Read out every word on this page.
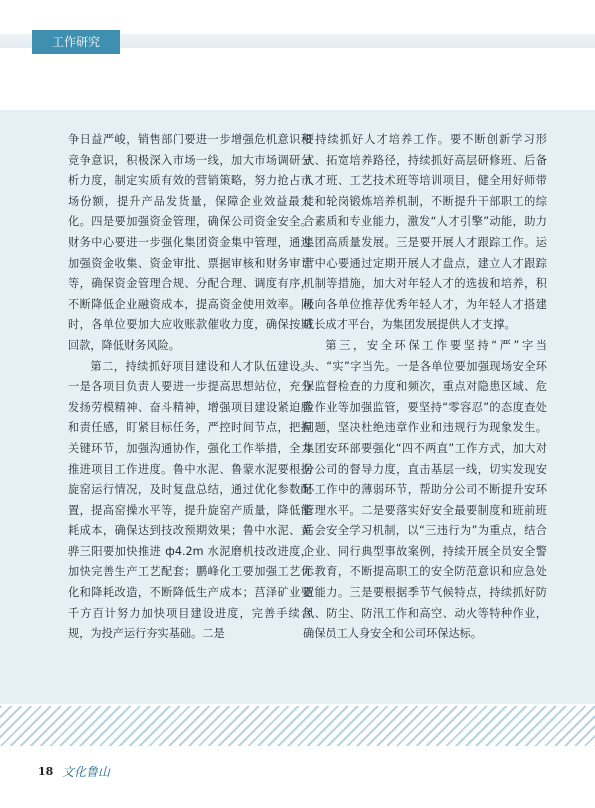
工作研究

争日益严峻，销售部门要进一步增强危机意识和竞争意识，积极深入市场一线，加大市场调研分析力度，制定实质有效的营销策略，努力抢占市场份额，提升产品发货量，保障企业效益最大化。四是要加强资金管理，确保公司资金安全。财务中心要进一步强化集团资金集中管理，通过加强资金收集、资金审批、票据审核和财务审计等，确保资金管理合规、分配合理、调度有序，不断降低企业融资成本，提高资金使用效率。同时，各单位要加大应收账款催收力度，确保按期回款，降低财务风险。

第二，持续抓好项目建设和人才队伍建设。一是各项目负责人要进一步提高思想站位，充分发扬劳模精神、奋斗精神，增强项目建设紧迫感和责任感，盯紧目标任务，严控时间节点，把握关键环节，加强沟通协作，强化工作举措，全力推进项目工作进度。鲁中水泥、鲁蒙水泥要根据旋窑运行情况，及时复盘总结，通过优化参数配置，提高窑操水平等，提升旋窑产质量，降低能耗成本，确保达到技改预期效果；鲁中水泥、黄骅三阳要加快推进 ф4.2m 水泥磨机技改进度，加快完善生产工艺配套；鹏峰化工要加强工艺优化和降耗改造，不断降低生产成本；莒泽矿业要千方百计努力加快项目建设进度，完善手续合规，为投产运行夯实基础。二是

要持续抓好人才培养工作。要不断创新学习形式、拓宽培养路径，持续抓好高层研修班、后备人才班、工艺技术班等培训项目，健全用好师带徒和轮岗锻炼培养机制，不断提升干部职工的综合素质和专业能力，激发“人才引擎”动能，助力集团高质量发展。三是要开展人才跟踪工作。运营中心要通过定期开展人才盘点，建立人才跟踪机制等措施，加大对年轻人才的选拔和培养，积极向各单位推荐优秀年轻人才，为年轻人才搭建成长成才平台，为集团发展提供人才支撑。

第三，安全环保工作要坚持“严”字当头、“实”字当先。一是各单位要加强现场安全环保监督检查的力度和频次，重点对隐患区域、危险作业等加强监管，要坚持“零容忍”的态度查处问题，坚决杜绝违章作业和违规行为现象发生。集团安环部要强化“四不两直”工作方式，加大对分公司的督导力度，直击基层一线，切实发现安环工作中的薄弱环节，帮助分公司不断提升安环管理水平。二是要落实好安全最要制度和班前班后会安全学习机制，以“三违行为”为重点，结合企业、同行典型事故案例，持续开展全员安全警示教育，不断提高职工的安全防范意识和应急处置能力。三是要根据季节气候特点，持续抓好防风、防尘、防汛工作和高空、动火等特种作业，确保员工人身安全和公司环保达标。

18 文化鲁山
